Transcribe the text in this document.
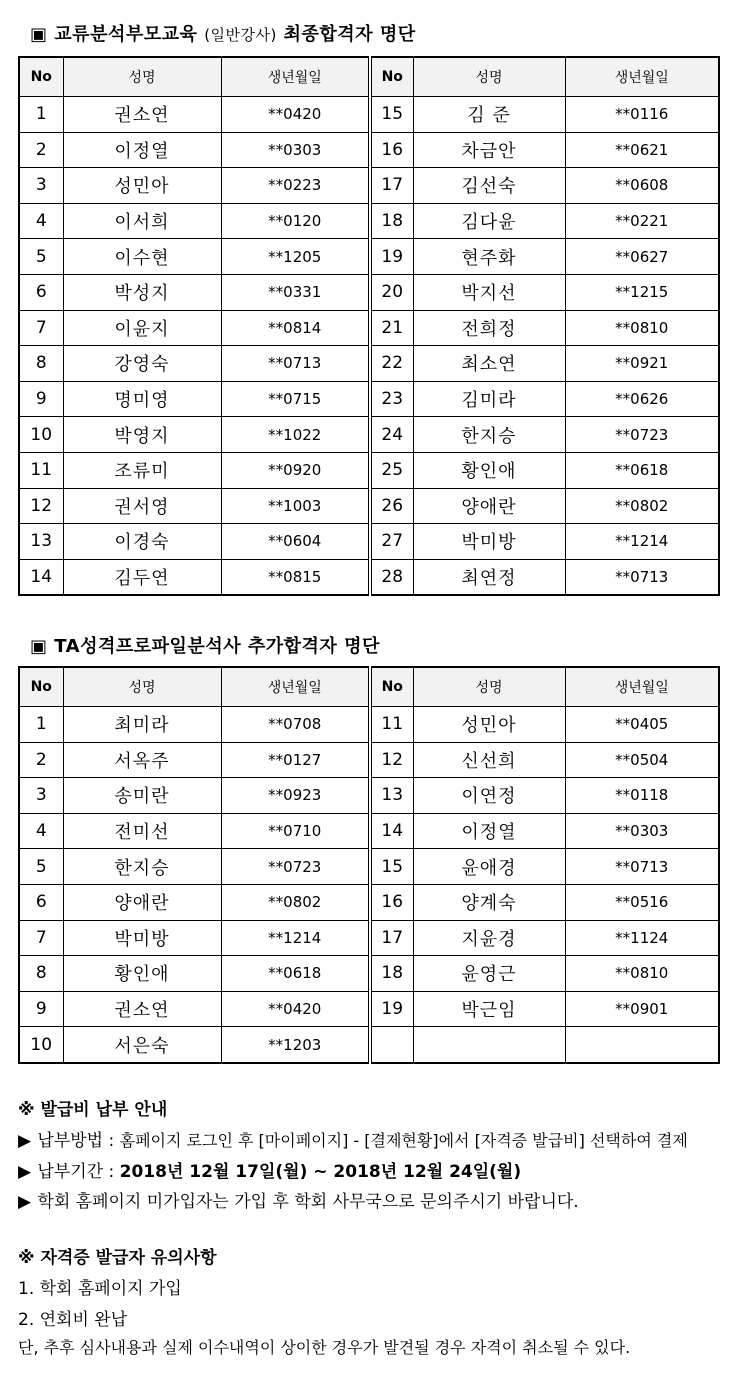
▣ 교류분석부모교육 (일반강사) 최종합격자 명단
No	성명	생년월일	No	성명	생년월일
1	권소연	**0420	15	김 준	**0116
2	이정열	**0303	16	차금안	**0621
3	성민아	**0223	17	김선숙	**0608
4	이서희	**0120	18	김다윤	**0221
5	이수현	**1205	19	현주화	**0627
6	박성지	**0331	20	박지선	**1215
7	이윤지	**0814	21	전희정	**0810
8	강영숙	**0713	22	최소연	**0921
9	명미영	**0715	23	김미라	**0626
10	박영지	**1022	24	한지승	**0723
11	조류미	**0920	25	황인애	**0618
12	권서영	**1003	26	양애란	**0802
13	이경숙	**0604	27	박미방	**1214
14	김두연	**0815	28	최연정	**0713
▣ TA성격프로파일분석사 추가합격자 명단
No	성명	생년월일	No	성명	생년월일
1	최미라	**0708	11	성민아	**0405
2	서옥주	**0127	12	신선희	**0504
3	송미란	**0923	13	이연정	**0118
4	전미선	**0710	14	이정열	**0303
5	한지승	**0723	15	윤애경	**0713
6	양애란	**0802	16	양계숙	**0516
7	박미방	**1214	17	지윤경	**1124
8	황인애	**0618	18	윤영근	**0810
9	권소연	**0420	19	박근임	**0901
10	서은숙	**1203			
※ 발급비 납부 안내
▶ 납부방법 : 홈페이지 로그인 후 [마이페이지] - [결제현황]에서 [자격증 발급비] 선택하여 결제
▶ 납부기간 : 2018년 12월 17일(월) ~ 2018년 12월 24일(월)
▶ 학회 홈페이지 미가입자는 가입 후 학회 사무국으로 문의주시기 바랍니다.
※ 자격증 발급자 유의사항
1. 학회 홈페이지 가입
2. 연회비 완납
단, 추후 심사내용과 실제 이수내역이 상이한 경우가 발견될 경우 자격이 취소될 수 있다.
